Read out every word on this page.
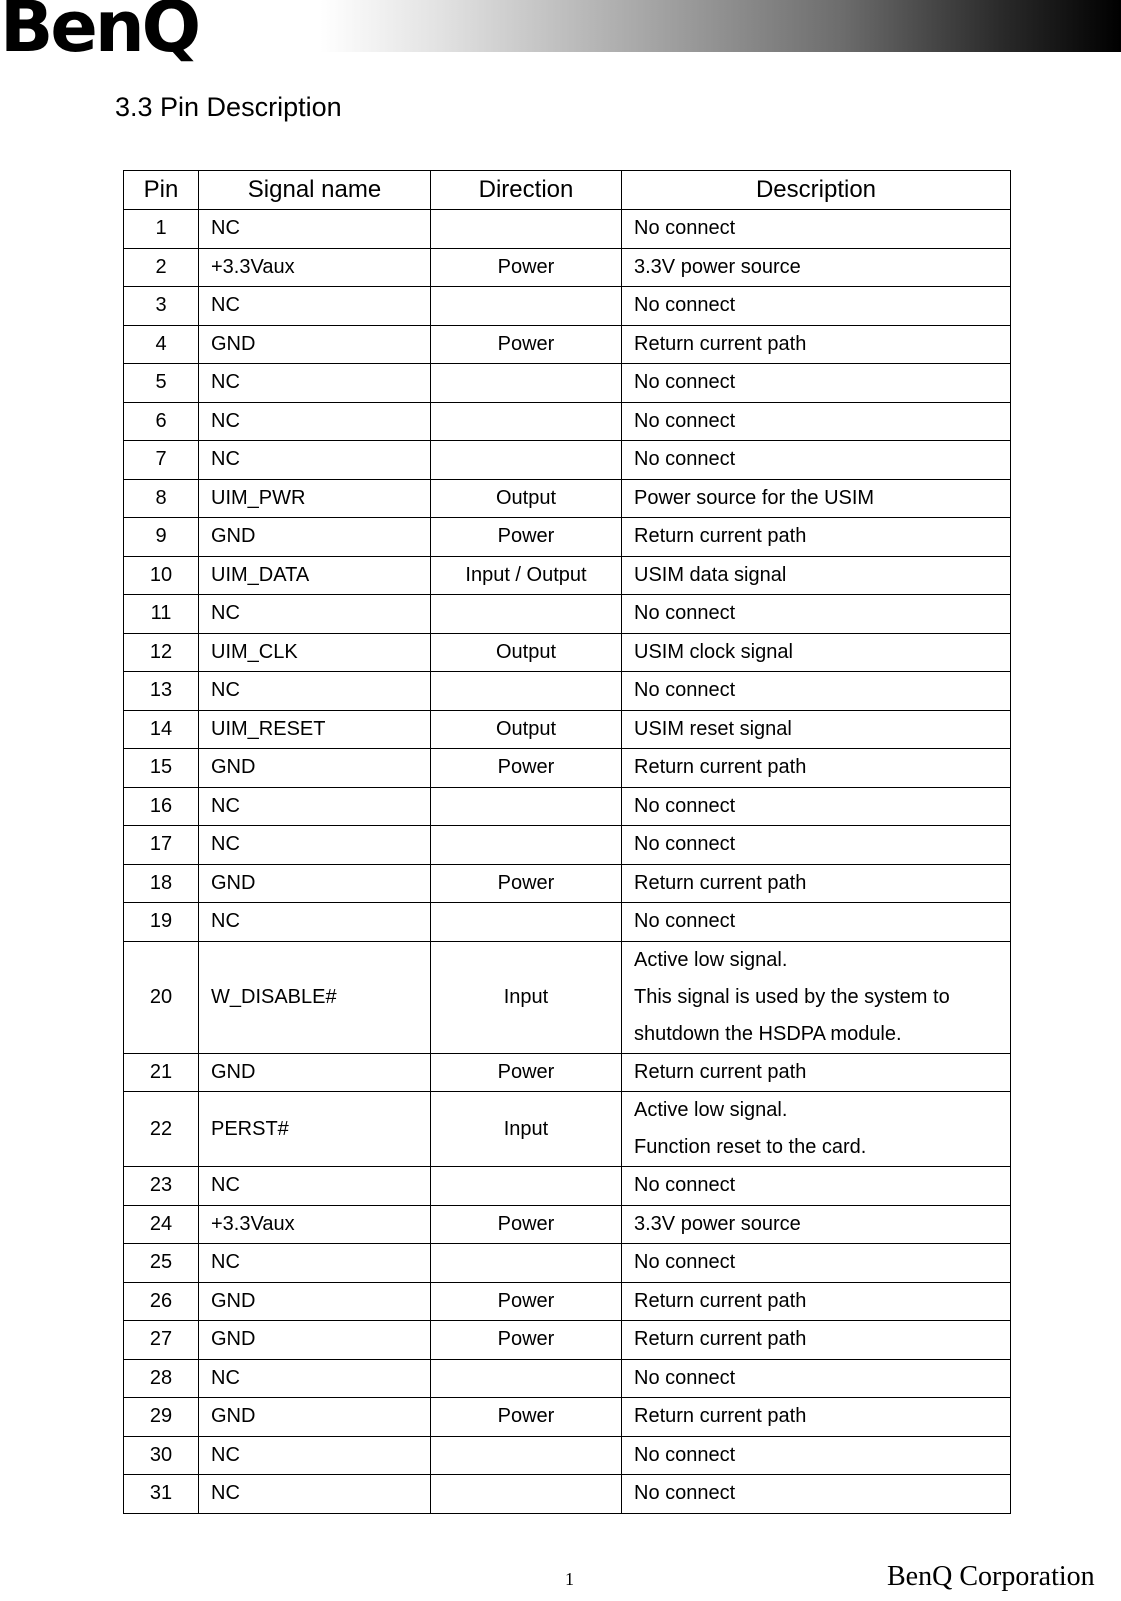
BenQ
3.3 Pin Description
Pin	Signal name	Direction	Description
1	NC		No connect

2	+3.3Vaux	Power	3.3V power source

3	NC		No connect

4	GND	Power	Return current path

5	NC		No connect

6	NC		No connect

7	NC		No connect

8	UIM_PWR	Output	Power source for the USIM

9	GND	Power	Return current path

10	UIM_DATA	Input / Output	USIM data signal

11	NC		No connect

12	UIM_CLK	Output	USIM clock signal

13	NC		No connect

14	UIM_RESET	Output	USIM reset signal

15	GND	Power	Return current path

16	NC		No connect

17	NC		No connect

18	GND	Power	Return current path

19	NC		No connect

20	W_DISABLE#	Input	Active low signal.
This signal is used by the system to
shutdown the HSDPA module.

21	GND	Power	Return current path

22	PERST#	Input	Active low signal.
Function reset to the card.

23	NC		No connect

24	+3.3Vaux	Power	3.3V power source

25	NC		No connect

26	GND	Power	Return current path

27	GND	Power	Return current path

28	NC		No connect

29	GND	Power	Return current path

30	NC		No connect

31	NC		No connect
1	BenQ Corporation
